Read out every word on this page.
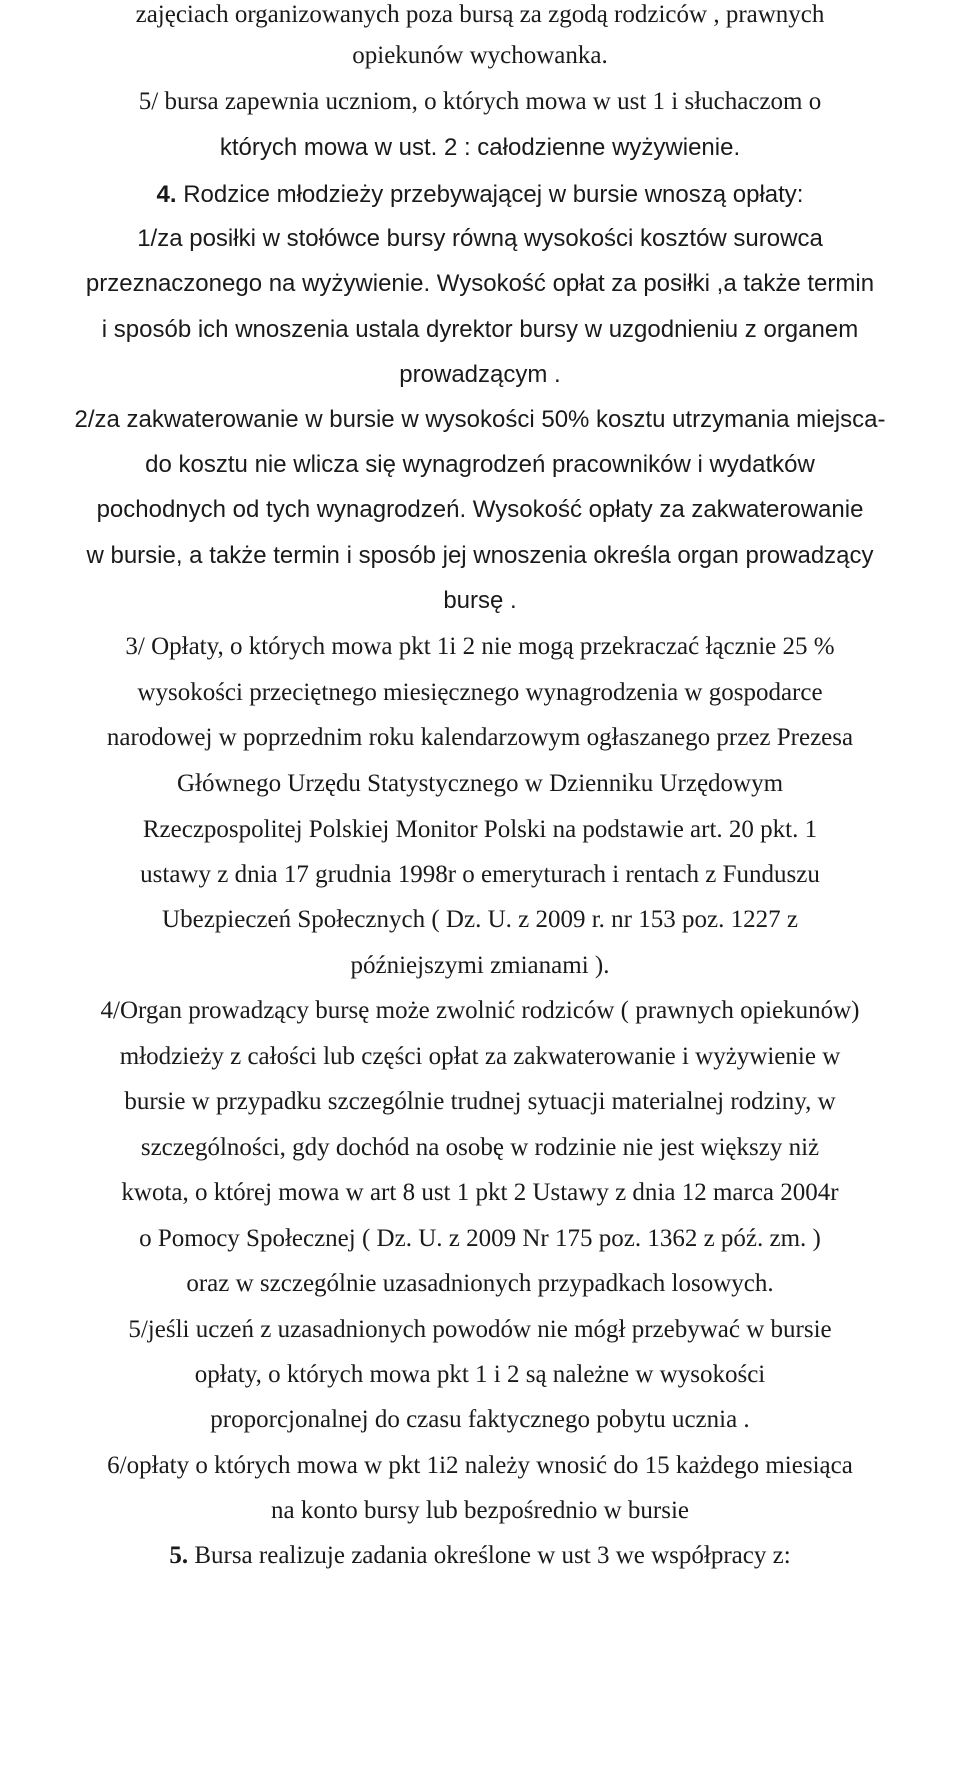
zajęciach organizowanych poza bursą za zgodą rodziców , prawnych
opiekunów wychowanka.
5/ bursa zapewnia uczniom, o których mowa w ust 1 i słuchaczom o
których mowa w ust. 2 : całodzienne wyżywienie.
4. Rodzice młodzieży przebywającej w bursie wnoszą opłaty:
1/za posiłki w stołówce bursy równą wysokości kosztów surowca
przeznaczonego na wyżywienie. Wysokość opłat za posiłki ,a także termin
i sposób ich wnoszenia ustala dyrektor bursy w uzgodnieniu z organem
prowadzącym .
2/za zakwaterowanie w bursie w wysokości 50% kosztu utrzymania miejsca-
do kosztu nie wlicza się wynagrodzeń pracowników i wydatków
pochodnych od tych wynagrodzeń. Wysokość opłaty za zakwaterowanie
w bursie, a także termin i sposób jej wnoszenia określa organ prowadzący
bursę .
3/ Opłaty, o których mowa pkt 1i 2 nie mogą przekraczać łącznie 25 %
wysokości przeciętnego miesięcznego wynagrodzenia w gospodarce
narodowej w poprzednim roku kalendarzowym ogłaszanego przez Prezesa
Głównego Urzędu Statystycznego w Dzienniku Urzędowym
Rzeczpospolitej Polskiej Monitor Polski na podstawie art. 20 pkt. 1
ustawy z dnia 17 grudnia 1998r o emeryturach i rentach z Funduszu
Ubezpieczeń Społecznych ( Dz. U. z 2009 r. nr 153 poz. 1227 z
późniejszymi zmianami ).
4/Organ prowadzący bursę może zwolnić rodziców ( prawnych opiekunów)
młodzieży z całości lub części opłat za zakwaterowanie i wyżywienie w
bursie w przypadku szczególnie trudnej sytuacji materialnej rodziny, w
szczególności, gdy dochód na osobę w rodzinie nie jest większy niż
kwota, o której mowa w art 8 ust 1 pkt 2 Ustawy z dnia 12 marca 2004r
o Pomocy Społecznej ( Dz. U. z 2009 Nr 175 poz. 1362 z póź. zm. )
oraz w szczególnie uzasadnionych przypadkach losowych.
5/jeśli uczeń z uzasadnionych powodów nie mógł przebywać w bursie
opłaty, o których mowa pkt 1 i 2 są należne w wysokości
proporcjonalnej do czasu faktycznego pobytu ucznia .
6/opłaty o których mowa w pkt 1i2 należy wnosić do 15 każdego miesiąca
na konto bursy lub bezpośrednio w bursie
5. Bursa realizuje zadania określone w ust 3 we współpracy z:
